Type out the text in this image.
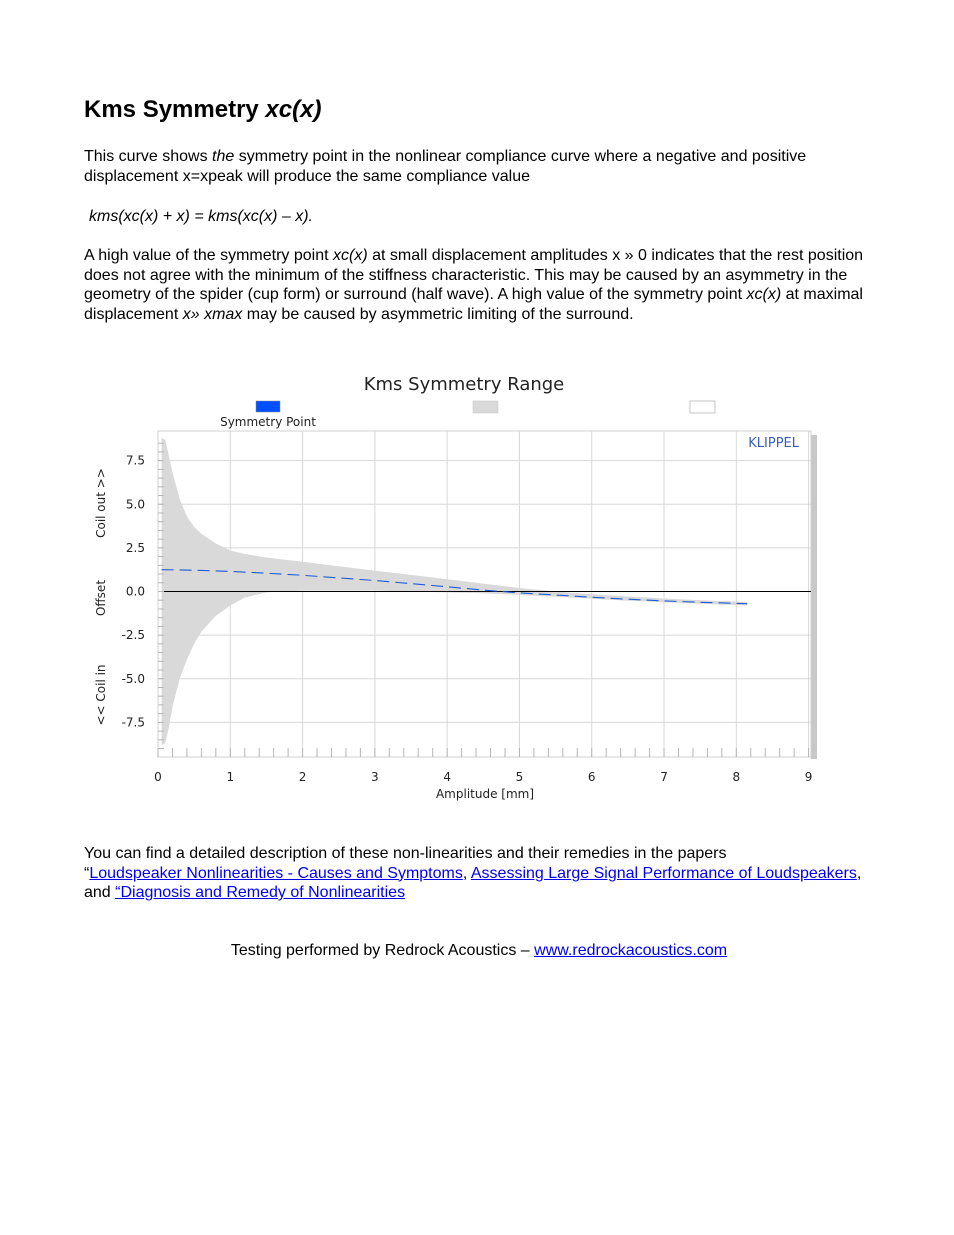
Kms Symmetry xc(x)

This curve shows the symmetry point in the nonlinear compliance curve where a negative and positive displacement x=xpeak will produce the same compliance value

kms(xc(x) + x) = kms(xc(x) – x).

A high value of the symmetry point xc(x) at small displacement amplitudes x » 0 indicates that the rest position does not agree with the minimum of the stiffness characteristic. This may be caused by an asymmetry in the geometry of the spider (cup form) or surround (half wave). A high value of the symmetry point xc(x) at maximal displacement x» xmax may be caused by asymmetric limiting of the surround.

You can find a detailed description of these non-linearities and their remedies in the papers
“Loudspeaker Nonlinearities - Causes and Symptoms, Assessing Large Signal Performance of Loudspeakers, and “Diagnosis and Remedy of Nonlinearities

Testing performed by Redrock Acoustics – www.redrockacoustics.com

Kms Symmetry Range
Symmetry Point
0	1	2	3	4	5	6	7	8	9
7.5
5.0
2.5
0.0
-2.5
-5.0
-7.5
KLIPPEL
Amplitude [mm]
Coil out >>
Offset
<< Coil in
